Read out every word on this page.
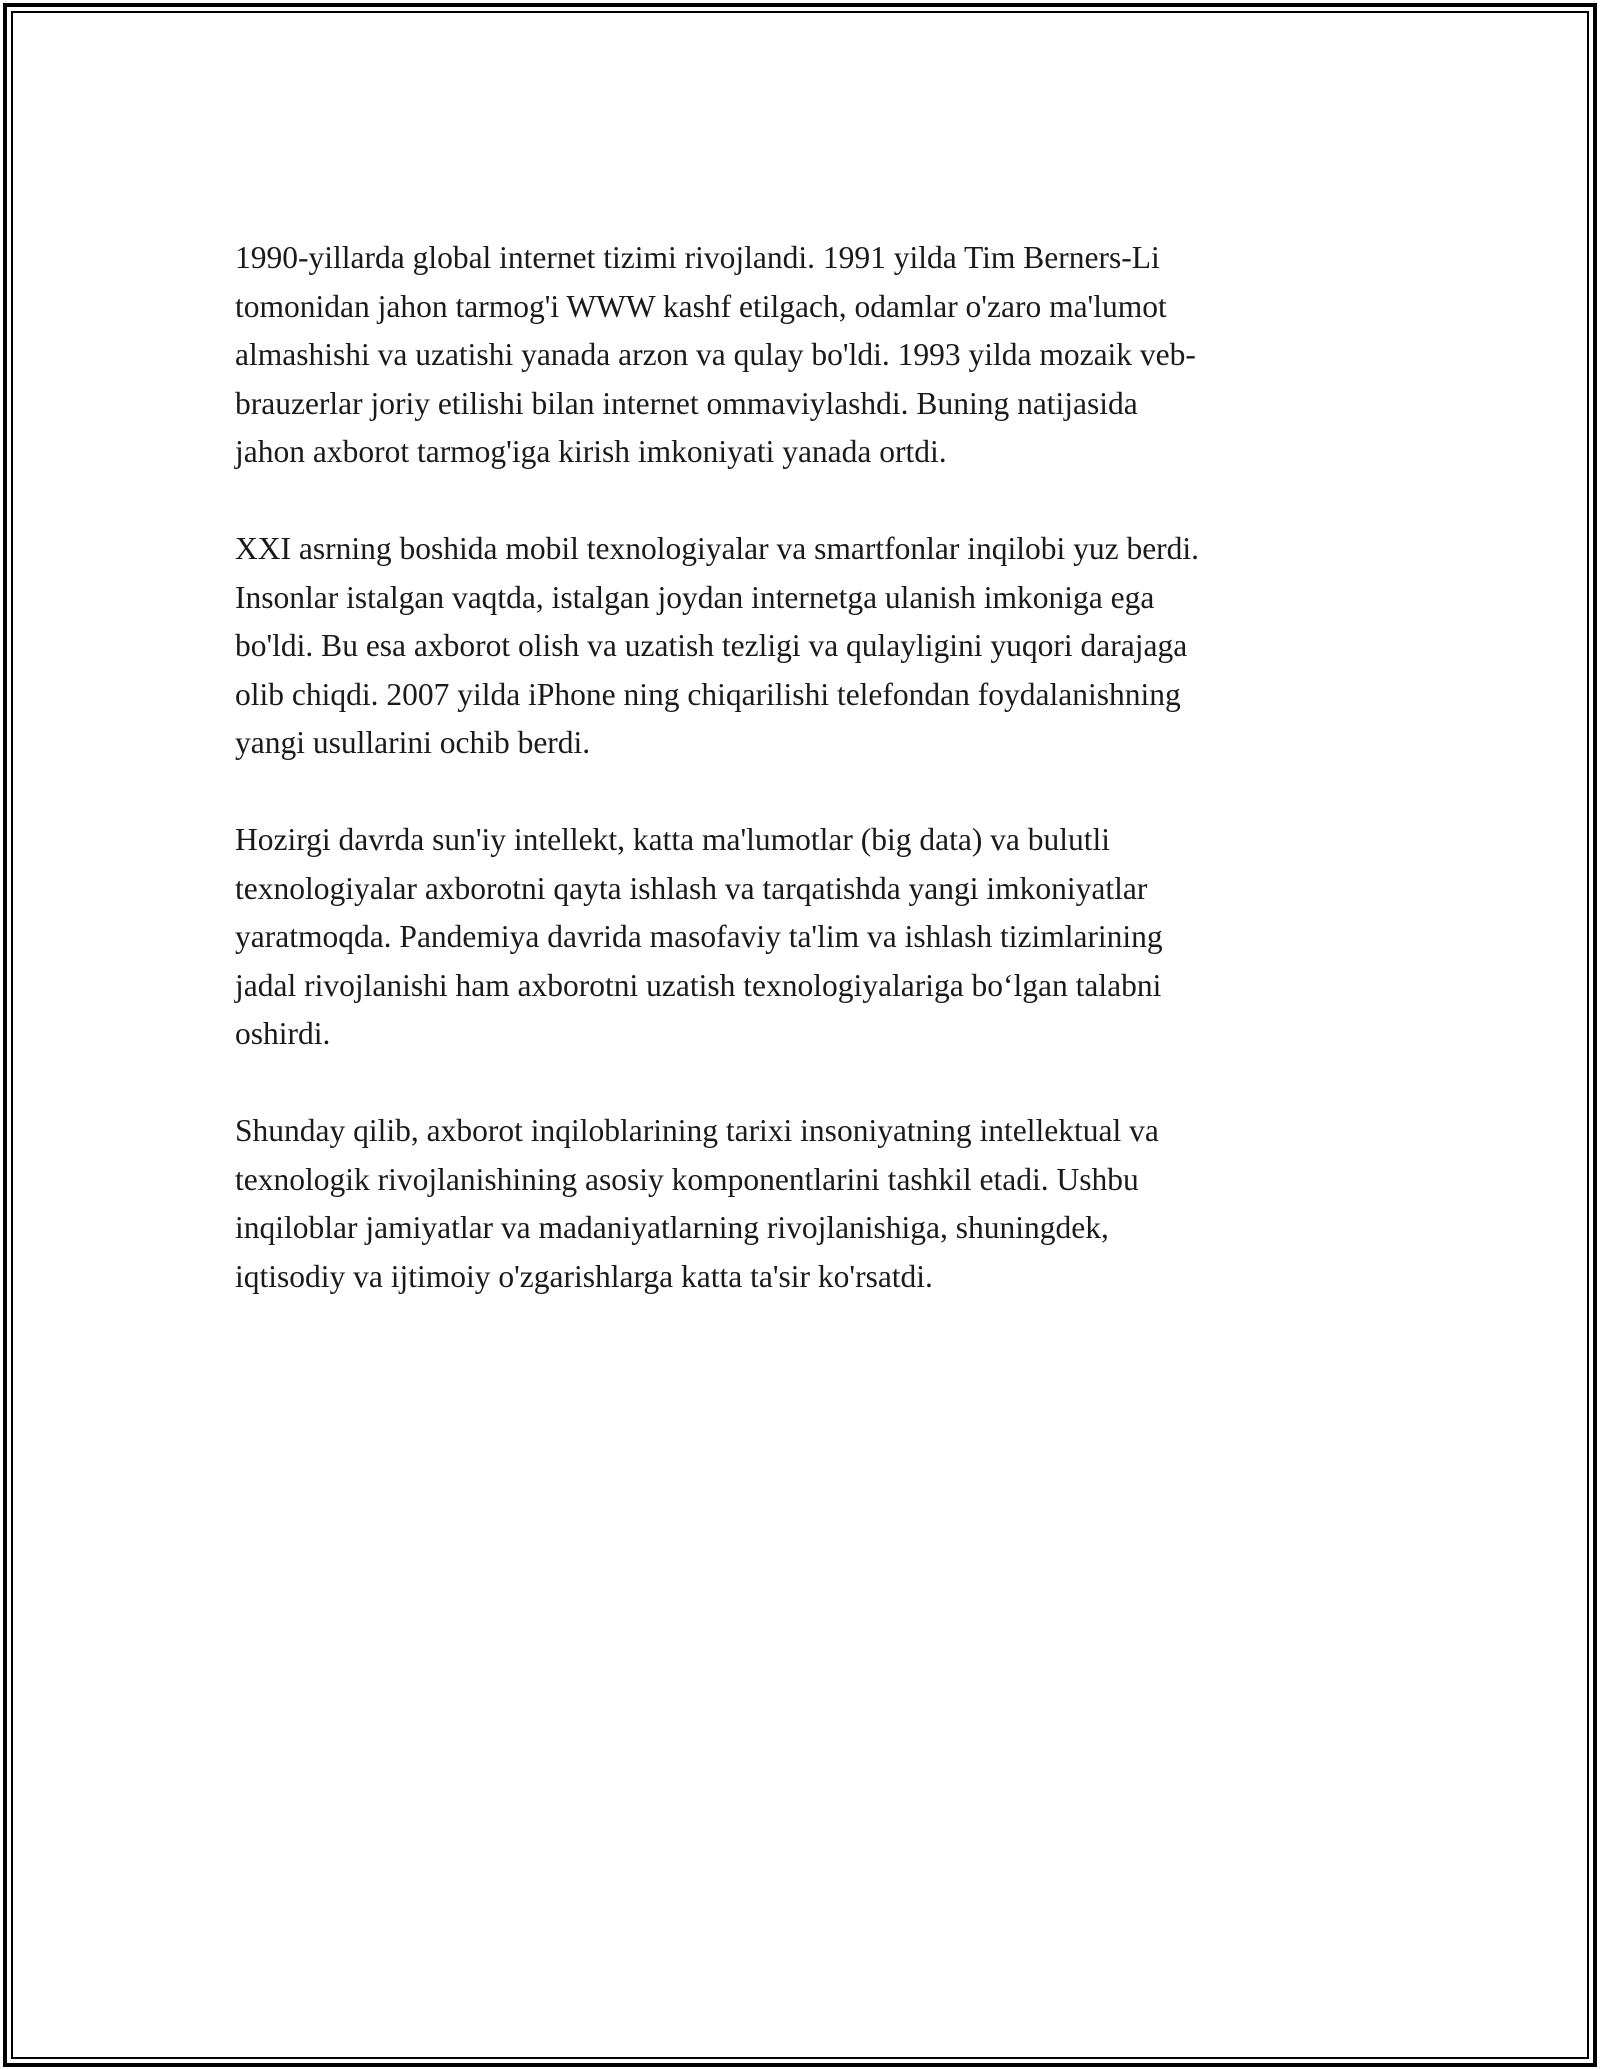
1990-yillarda global internet tizimi rivojlandi. 1991 yilda Tim Berners-Li
tomonidan jahon tarmog'i WWW kashf etilgach, odamlar o'zaro ma'lumot
almashishi va uzatishi yanada arzon va qulay bo'ldi. 1993 yilda mozaik veb-
brauzerlar joriy etilishi bilan internet ommaviylashdi. Buning natijasida
jahon axborot tarmog'iga kirish imkoniyati yanada ortdi.

XXI asrning boshida mobil texnologiyalar va smartfonlar inqilobi yuz berdi.
Insonlar istalgan vaqtda, istalgan joydan internetga ulanish imkoniga ega
bo'ldi. Bu esa axborot olish va uzatish tezligi va qulayligini yuqori darajaga
olib chiqdi. 2007 yilda iPhone ning chiqarilishi telefondan foydalanishning
yangi usullarini ochib berdi.

Hozirgi davrda sun'iy intellekt, katta ma'lumotlar (big data) va bulutli
texnologiyalar axborotni qayta ishlash va tarqatishda yangi imkoniyatlar
yaratmoqda. Pandemiya davrida masofaviy ta'lim va ishlash tizimlarining
jadal rivojlanishi ham axborotni uzatish texnologiyalariga bo‘lgan talabni
oshirdi.

Shunday qilib, axborot inqiloblarining tarixi insoniyatning intellektual va
texnologik rivojlanishining asosiy komponentlarini tashkil etadi. Ushbu
inqiloblar jamiyatlar va madaniyatlarning rivojlanishiga, shuningdek,
iqtisodiy va ijtimoiy o'zgarishlarga katta ta'sir ko'rsatdi.
